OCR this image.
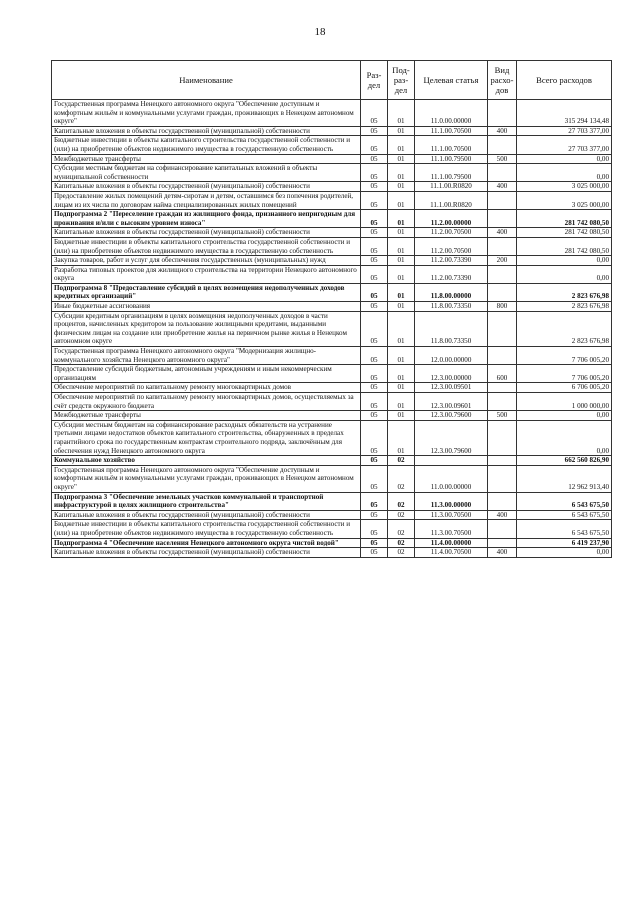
18
Наименование	Раз-дел	Под-раз-дел	Целевая статья	Вид расхо-дов	Всего расходов
Государственная программа Ненецкого автономного округа "Обеспечение доступным и комфортным жильём и коммунальными услугами граждан, проживающих в Ненецком автономном округе"	05	01	11.0.00.00000		315 294 134,48
Капитальные вложения в объекты государственной (муниципальной) собственности	05	01	11.1.00.70500	400	27 703 377,00
Бюджетные инвестиции в объекты капитального строительства государственной собственности и (или) на приобретение объектов недвижимого имущества в государственную собственность	05	01	11.1.00.70500		27 703 377,00
Межбюджетные трансферты	05	01	11.1.00.79500	500	0,00
Субсидии местным бюджетам на софинансирование капитальных вложений в объекты муниципальной собственности	05	01	11.1.00.79500		0,00
Капитальные вложения в объекты государственной (муниципальной) собственности	05	01	11.1.00.R0820	400	3 025 000,00
Предоставление жилых помещений детям-сиротам и детям, оставшимся без попечения родителей, лицам из их числа по договорам найма специализированных жилых помещений	05	01	11.1.00.R0820		3 025 000,00
Подпрограмма 2 "Переселение граждан из жилищного фонда, признанного непригодным для проживания и/или с высоким уровнем износа"	05	01	11.2.00.00000		281 742 080,50
Капитальные вложения в объекты государственной (муниципальной) собственности	05	01	11.2.00.70500	400	281 742 080,50
Бюджетные инвестиции в объекты капитального строительства государственной собственности и (или) на приобретение объектов недвижимого имущества в государственную собственность	05	01	11.2.00.70500		281 742 080,50
Закупка товаров, работ и услуг для обеспечения государственных (муниципальных) нужд	05	01	11.2.00.73390	200	0,00
Разработка типовых проектов для жилищного строительства на территории Ненецкого автономного округа	05	01	11.2.00.73390		0,00
Подпрограмма 8 "Предоставление субсидий в целях возмещения недополученных доходов кредитных организаций"	05	01	11.8.00.00000		2 823 676,98
Иные бюджетные ассигнования	05	01	11.8.00.73350	800	2 823 676,98
Субсидии кредитным организациям в целях возмещения недополученных доходов в части процентов, начисленных кредитором за пользование жилищными кредитами, выданными физическим лицам на создание или приобретение жилья на первичном рынке жилья в Ненецком автономном округе	05	01	11.8.00.73350		2 823 676,98
Государственная программа Ненецкого автономного округа "Модернизация жилищно-коммунального хозяйства Ненецкого автономного округа"	05	01	12.0.00.00000		7 706 005,20
Предоставление субсидий бюджетным, автономным учреждениям и иным некоммерческим организациям	05	01	12.3.00.00000	600	7 706 005,20
Обеспечение мероприятий по капитальному ремонту многоквартирных домов	05	01	12.3.00.09501		6 706 005,20
Обеспечение мероприятий по капитальному ремонту многоквартирных домов, осуществляемых за счёт средств окружного бюджета	05	01	12.3.00.09601		1 000 000,00
Межбюджетные трансферты	05	01	12.3.00.79600	500	0,00
Субсидии местным бюджетам на софинансирование расходных обязательств на устранение третьими лицами недостатков объектов капитального строительства, обнаруженных в пределах гарантийного срока по государственным контрактам строительного подряда, заключённым для обеспечения нужд Ненецкого автономного округа	05	01	12.3.00.79600		0,00
Коммунальное хозяйство	05	02			662 560 826,90
Государственная программа Ненецкого автономного округа "Обеспечение доступным и комфортным жильём и коммунальными услугами граждан, проживающих в Ненецком автономном округе"	05	02	11.0.00.00000		12 962 913,40
Подпрограмма 3 "Обеспечение земельных участков коммунальной и транспортной инфраструктурой в целях жилищного строительства"	05	02	11.3.00.00000		6 543 675,50
Капитальные вложения в объекты государственной (муниципальной) собственности	05	02	11.3.00.70500	400	6 543 675,50
Бюджетные инвестиции в объекты капитального строительства государственной собственности и (или) на приобретение объектов недвижимого имущества в государственную собственность	05	02	11.3.00.70500		6 543 675,50
Подпрограмма 4 "Обеспечение населения Ненецкого автономного округа чистой водой"	05	02	11.4.00.00000		6 419 237,90
Капитальные вложения в объекты государственной (муниципальной) собственности	05	02	11.4.00.70500	400	0,00
